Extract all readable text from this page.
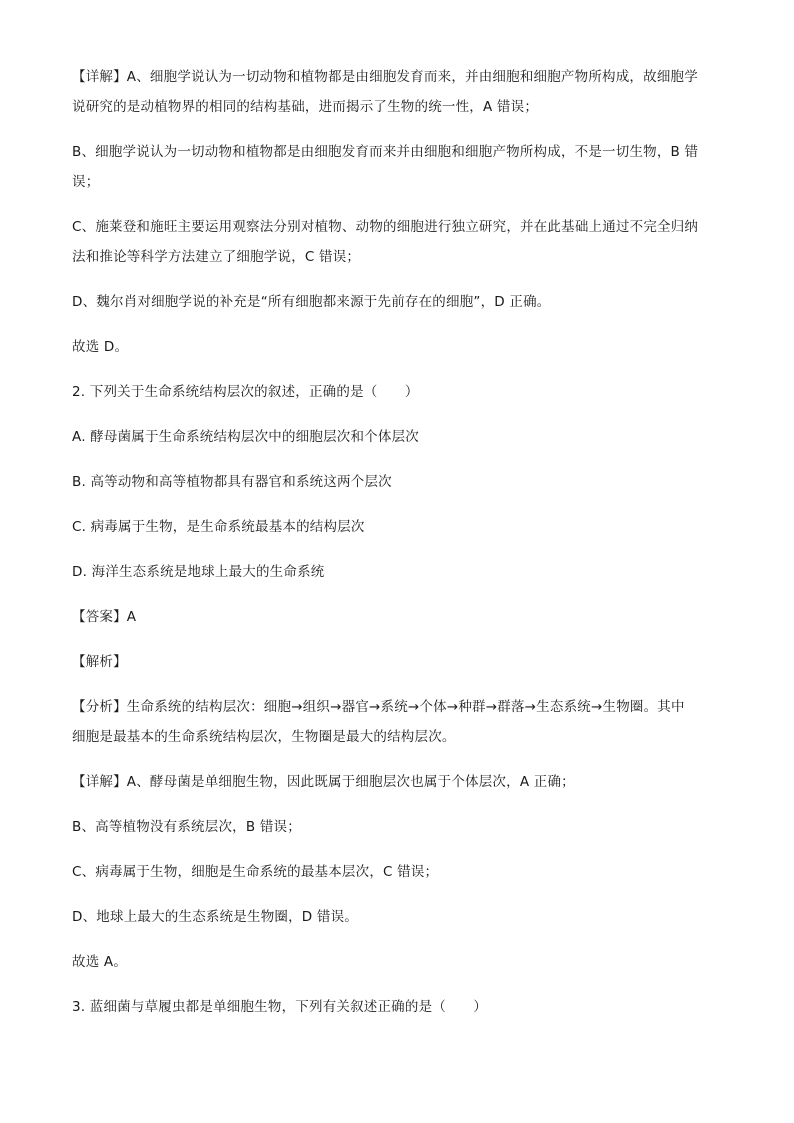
【详解】A、细胞学说认为一切动物和植物都是由细胞发育而来，并由细胞和细胞产物所构成，故细胞学
说研究的是动植物界的相同的结构基础，进而揭示了生物的统一性，A 错误；
B、细胞学说认为一切动物和植物都是由细胞发育而来并由细胞和细胞产物所构成，不是一切生物，B 错
误；
C、施莱登和施旺主要运用观察法分别对植物、动物的细胞进行独立研究，并在此基础上通过不完全归纳
法和推论等科学方法建立了细胞学说，C 错误；
D、魏尔肖对细胞学说的补充是“所有细胞都来源于先前存在的细胞”，D 正确。
故选 D。
2. 下列关于生命系统结构层次的叙述，正确的是（　　）
A. 酵母菌属于生命系统结构层次中的细胞层次和个体层次
B. 高等动物和高等植物都具有器官和系统这两个层次
C. 病毒属于生物，是生命系统最基本的结构层次
D. 海洋生态系统是地球上最大的生命系统
【答案】A
【解析】
【分析】生命系统的结构层次：细胞→组织→器官→系统→个体→种群→群落→生态系统→生物圈。其中
细胞是最基本的生命系统结构层次，生物圈是最大的结构层次。
【详解】A、酵母菌是单细胞生物，因此既属于细胞层次也属于个体层次，A 正确；
B、高等植物没有系统层次，B 错误；
C、病毒属于生物，细胞是生命系统的最基本层次，C 错误；
D、地球上最大的生态系统是生物圈，D 错误。
故选 A。
3. 蓝细菌与草履虫都是单细胞生物，下列有关叙述正确的是（　　）
